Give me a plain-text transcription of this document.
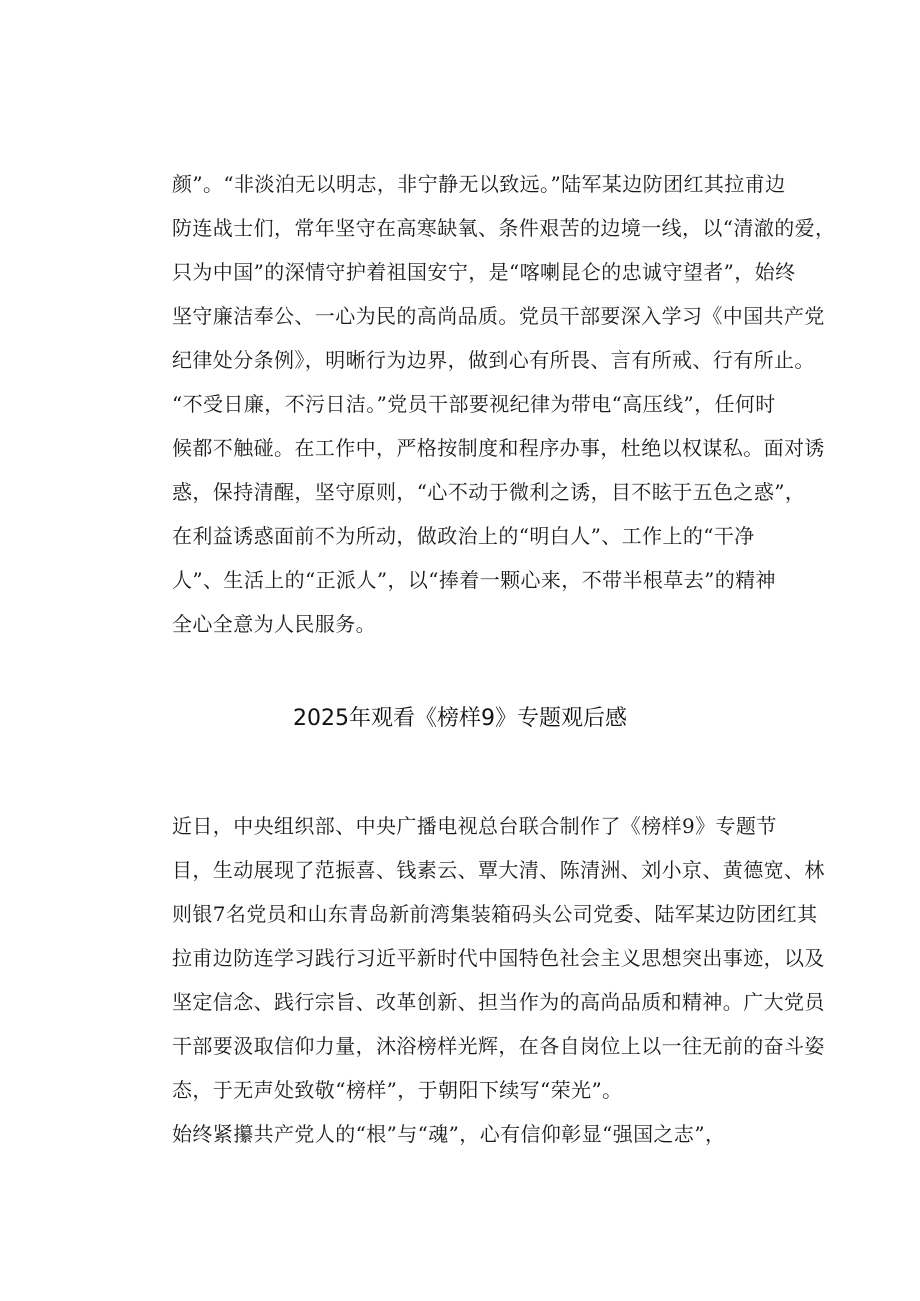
颜”。“非淡泊无以明志，非宁静无以致远。”陆军某边防团红其拉甫边
防连战士们，常年坚守在高寒缺氧、条件艰苦的边境一线，以“清澈的爱，
只为中国”的深情守护着祖国安宁，是“喀喇昆仑的忠诚守望者”，始终
坚守廉洁奉公、一心为民的高尚品质。党员干部要深入学习《中国共产党
纪律处分条例》，明晰行为边界，做到心有所畏、言有所戒、行有所止。
“不受日廉，不污日洁。”党员干部要视纪律为带电“高压线”，任何时
候都不触碰。在工作中，严格按制度和程序办事，杜绝以权谋私。面对诱
惑，保持清醒，坚守原则，“心不动于微利之诱，目不眩于五色之惑”，
在利益诱惑面前不为所动，做政治上的“明白人”、工作上的“干净
人”、生活上的“正派人”，以“捧着一颗心来，不带半根草去”的精神
全心全意为人民服务。
2025年观看《榜样9》专题观后感
近日，中央组织部、中央广播电视总台联合制作了《榜样9》专题节
目，生动展现了范振喜、钱素云、覃大清、陈清洲、刘小京、黄德宽、林
则银7名党员和山东青岛新前湾集装箱码头公司党委、陆军某边防团红其
拉甫边防连学习践行习近平新时代中国特色社会主义思想突出事迹，以及
坚定信念、践行宗旨、改革创新、担当作为的高尚品质和精神。广大党员
干部要汲取信仰力量，沐浴榜样光辉，在各自岗位上以一往无前的奋斗姿
态，于无声处致敬“榜样”，于朝阳下续写“荣光”。
始终紧攥共产党人的“根”与“魂”，心有信仰彰显“强国之志”，
